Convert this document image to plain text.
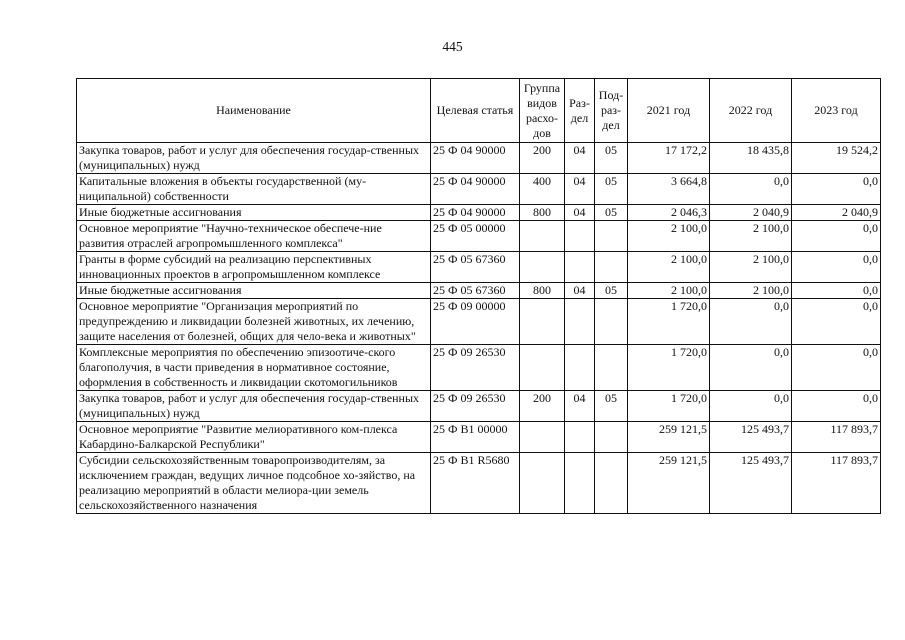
445
Наименование	Целевая статья	Группа видов расхо- дов	Раз- дел	Под- раз- дел	2021 год	2022 год	2023 год
Закупка товаров, работ и услуг для обеспечения государ-ственных (муниципальных) нужд	25 Ф 04 90000	200	04	05	17 172,2	18 435,8	19 524,2
Капитальные вложения в объекты государственной (му-ниципальной) собственности	25 Ф 04 90000	400	04	05	3 664,8	0,0	0,0
Иные бюджетные ассигнования	25 Ф 04 90000	800	04	05	2 046,3	2 040,9	2 040,9
Основное мероприятие "Научно-техническое обеспече-ние развития отраслей агропромышленного комплекса"	25 Ф 05 00000				2 100,0	2 100,0	0,0
Гранты в форме субсидий на реализацию перспективных инновационных проектов в агропромышленном комплексе	25 Ф 05 67360				2 100,0	2 100,0	0,0
Иные бюджетные ассигнования	25 Ф 05 67360	800	04	05	2 100,0	2 100,0	0,0
Основное мероприятие "Организация мероприятий по предупреждению и ликвидации болезней животных, их лечению, защите населения от болезней, общих для чело-века и животных"	25 Ф 09 00000				1 720,0	0,0	0,0
Комплексные мероприятия по обеспечению эпизоотиче-ского благополучия, в части приведения в нормативное состояние, оформления в собственность и ликвидации скотомогильников	25 Ф 09 26530				1 720,0	0,0	0,0
Закупка товаров, работ и услуг для обеспечения государ-ственных (муниципальных) нужд	25 Ф 09 26530	200	04	05	1 720,0	0,0	0,0
Основное мероприятие "Развитие мелиоративного ком-плекса Кабардино-Балкарской Республики"	25 Ф В1 00000				259 121,5	125 493,7	117 893,7
Субсидии сельскохозяйственным товаропроизводителям, за исключением граждан, ведущих личное подсобное хо-зяйство, на реализацию мероприятий в области мелиора-ции земель сельскохозяйственного назначения	25 Ф В1 R5680				259 121,5	125 493,7	117 893,7
